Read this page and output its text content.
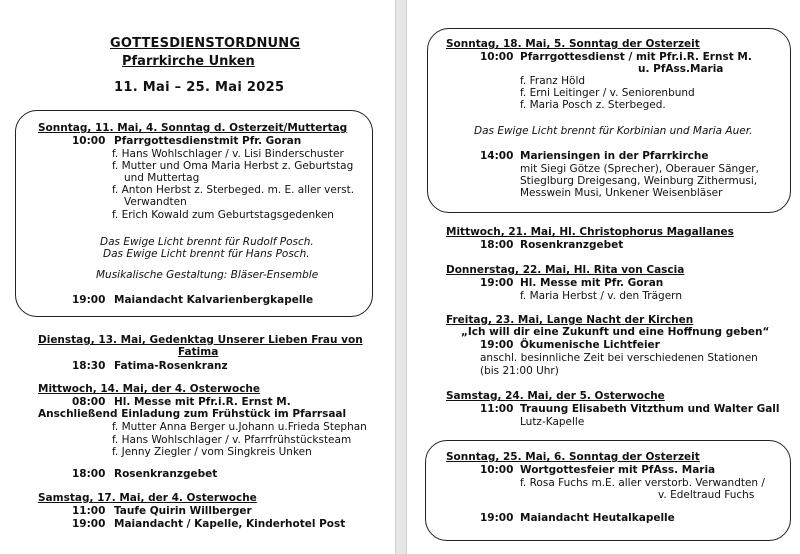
GOTTESDIENSTORDNUNG
Pfarrkirche Unken
11. Mai – 25. Mai 2025
Sonntag, 11. Mai, 4. Sonntag d. Osterzeit/Muttertag
10:00 Pfarrgottesdienstmit Pfr. Goran
f. Hans Wohlschlager / v. Lisi Binderschuster
f. Mutter und Oma Maria Herbst z. Geburtstag
und Muttertag
f. Anton Herbst z. Sterbeged. m. E. aller verst.
Verwandten
f. Erich Kowald zum Geburtstagsgedenken
Das Ewige Licht brennt für Rudolf Posch.
Das Ewige Licht brennt für Hans Posch.
Musikalische Gestaltung: Bläser-Ensemble
19:00 Maiandacht Kalvarienbergkapelle
Dienstag, 13. Mai, Gedenktag Unserer Lieben Frau von
Fatima
18:30 Fatima-Rosenkranz
Mittwoch, 14. Mai, der 4. Osterwoche
08:00 Hl. Messe mit Pfr.i.R. Ernst M.
Anschließend Einladung zum Frühstück im Pfarrsaal
f. Mutter Anna Berger u.Johann u.Frieda Stephan
f. Hans Wohlschlager / v. Pfarrfrühstücksteam
f. Jenny Ziegler / vom Singkreis Unken
18:00 Rosenkranzgebet
Samstag, 17. Mai, der 4. Osterwoche
11:00 Taufe Quirin Willberger
19:00 Maiandacht / Kapelle, Kinderhotel Post
Sonntag, 18. Mai, 5. Sonntag der Osterzeit
10:00 Pfarrgottesdienst / mit Pfr.i.R. Ernst M.
u. PfAss.Maria
f. Franz Höld
f. Erni Leitinger / v. Seniorenbund
f. Maria Posch z. Sterbeged.
Das Ewige Licht brennt für Korbinian und Maria Auer.
14:00 Mariensingen in der Pfarrkirche
mit Siegi Götze (Sprecher), Oberauer Sänger,
Stieglburg Dreigesang, Weinburg Zithermusi,
Messwein Musi, Unkener Weisenbläser
Mittwoch, 21. Mai, Hl. Christophorus Magallanes
18:00 Rosenkranzgebet
Donnerstag, 22. Mai, Hl. Rita von Cascia
19:00 Hl. Messe mit Pfr. Goran
f. Maria Herbst / v. den Trägern
Freitag, 23. Mai, Lange Nacht der Kirchen
„Ich will dir eine Zukunft und eine Hoffnung geben“
19:00 Ökumenische Lichtfeier
anschl. besinnliche Zeit bei verschiedenen Stationen
(bis 21:00 Uhr)
Samstag, 24. Mai, der 5. Osterwoche
11:00 Trauung Elisabeth Vitzthum und Walter Gall
Lutz-Kapelle
Sonntag, 25. Mai, 6. Sonntag der Osterzeit
10:00 Wortgottesfeier mit PfAss. Maria
f. Rosa Fuchs m.E. aller verstorb. Verwandten /
v. Edeltraud Fuchs
19:00 Maiandacht Heutalkapelle
